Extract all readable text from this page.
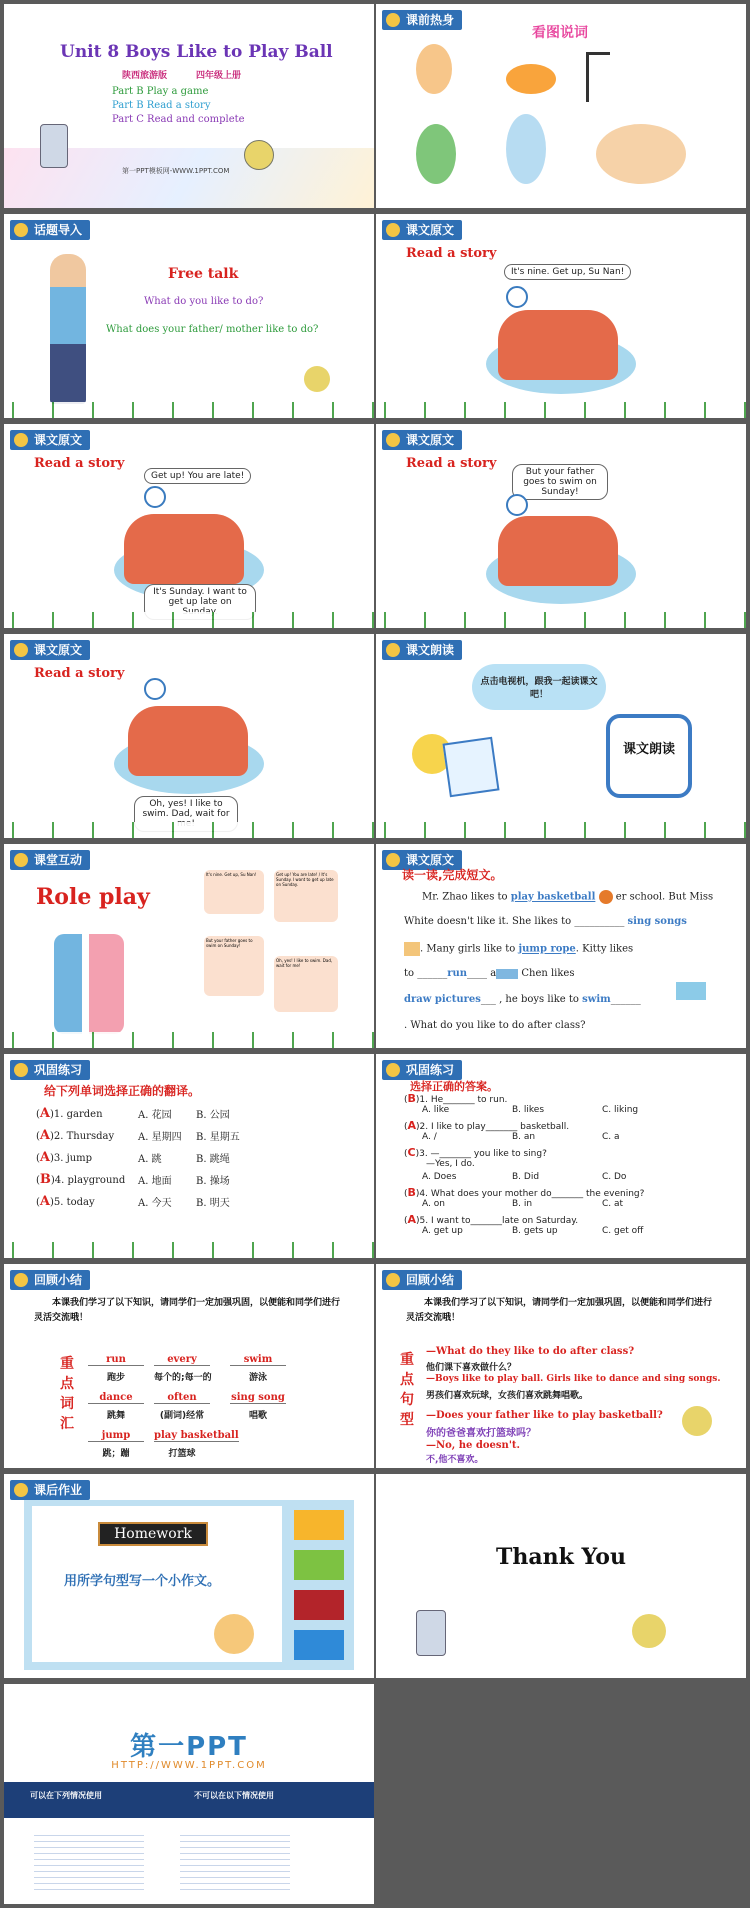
Unit 8 Boys Like to Play Ball
陕西旅游版	四年级上册
Part B Play a game
Part B Read a story
Part C Read and complete
第一PPT模板网-WWW.1PPT.COM
课前热身
看图说词
话题导入
Free talk
What do you like to do?
What does your father/ mother like to do?
课文原文
Read a story
It's nine. Get up, Su Nan!
课文原文
Read a story
Get up! You are late!
It's Sunday. I want to get up late on
课文原文
Read a story
But your father goes to swim on Sunday!
课文原文
Read a story
Oh, yes! I like to swim. Dad, wait for
课文朗读
点击电视机，跟我一起读课文吧！
课文朗读
课堂互动
Role play
It's nine. Get up, Su Nan!	Get up! You are late! / It's Sunday. I want to get up late on Sunday.
But your father goes to swim on Sunday!
Oh, yes! I like to swim. Dad, wait for me!
课文原文
读一读,完成短文。
Mr. Zhao likes to play basketball er school. But Miss
White doesn't like it. She likes to __________ sing songs
. Many girls like to jump rope. Kitty likes
to ______run____ a Chen likes
draw pictures___ , he boys like to swim______
. What do you like to do after class?
巩固练习
给下列单词选择正确的翻译。
(A)1. garden	A. 花园 B. 公园
(A)2. Thursday A. 星期四 B. 星期五
(A)3. jump	A. 跳	B. 跳绳
(B)4. playground A. 地面 B. 操场
(A)5. today	A. 今天 B. 明天
巩固练习
选择正确的答案。
(B)1. He_______ to run.
A. like	B. likes	C. liking
(A)2. I like to play_______ basketball.
A. /	B. an	C. a
(C)3. —_______ you like to sing?
—Yes, I do.
A. Does	B. Did	C. Do
(B)4. What does your mother do_______ the evening?
A. on	B. in	C. at
(A)5. I want to_______late on Saturday.
A. get up	B. gets up	C. get off
回顾小结
本课我们学习了以下知识，请同学们一定加强巩固，以便能和同学们进行灵活交流哦！
重点词汇
run
跑步
every
每个的;每一的
swim
游泳
dance
跳舞
often
(副词)经常
sing song
唱歌
jump
跳；蹦
play basketball
打篮球
回顾小结
本课我们学习了以下知识，请同学们一定加强巩固，以便能和同学们进行灵活交流哦！
重点句型
—What do they like to do after class?
他们课下喜欢做什么？
—Boys like to play ball. Girls like to dance and sing songs.
男孩们喜欢玩球，女孩们喜欢跳舞唱歌。
—Does your father like to play basketball?
你的爸爸喜欢打篮球吗？
—No, he doesn't.
不,他不喜欢。
课后作业
Homework
用所学句型写一个小作文。
Thank You
第一PPT
HTTP://WWW.1PPT.COM
可以在下列情况使用	不可以在以下情况使用
